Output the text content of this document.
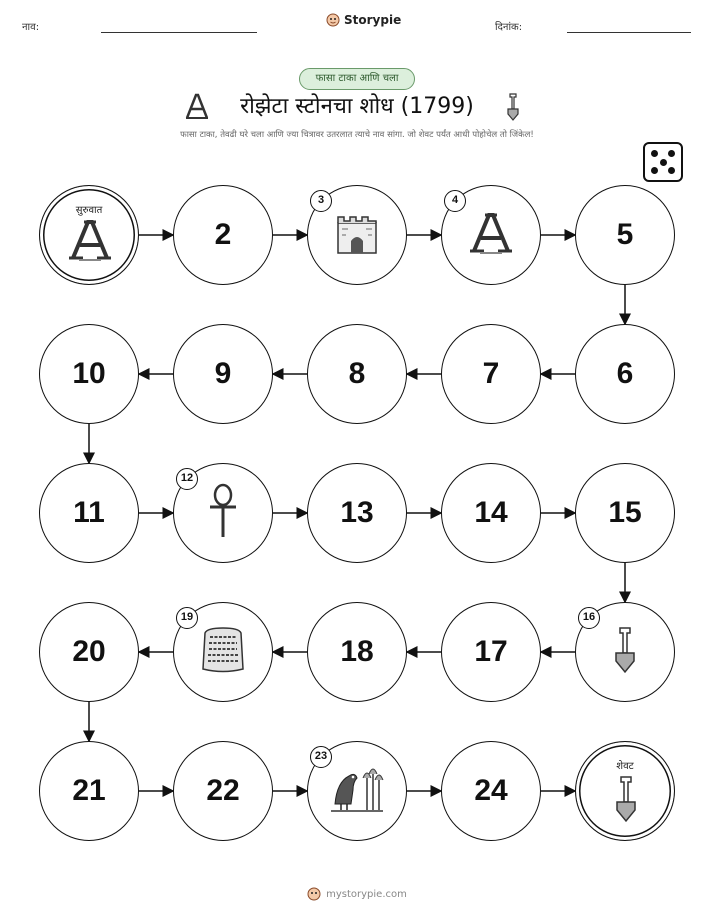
नाव:
Storypie
दिनांक:
फासा टाका आणि चला
रोझेटा स्टोनचा शोध (1799)
फासा टाका, तेवढी घरे चला आणि ज्या चित्रावर उतरलात त्याचे नाव सांगा. जो शेवट पर्यंत आधी पोहोचेल तो जिंकेल!
सुरुवात
2
3	4
5
6
7
8
9
10
11
12
13	14	15
16
17
18
19
20
21	22
23
24
शेवट
mystorypie.com
